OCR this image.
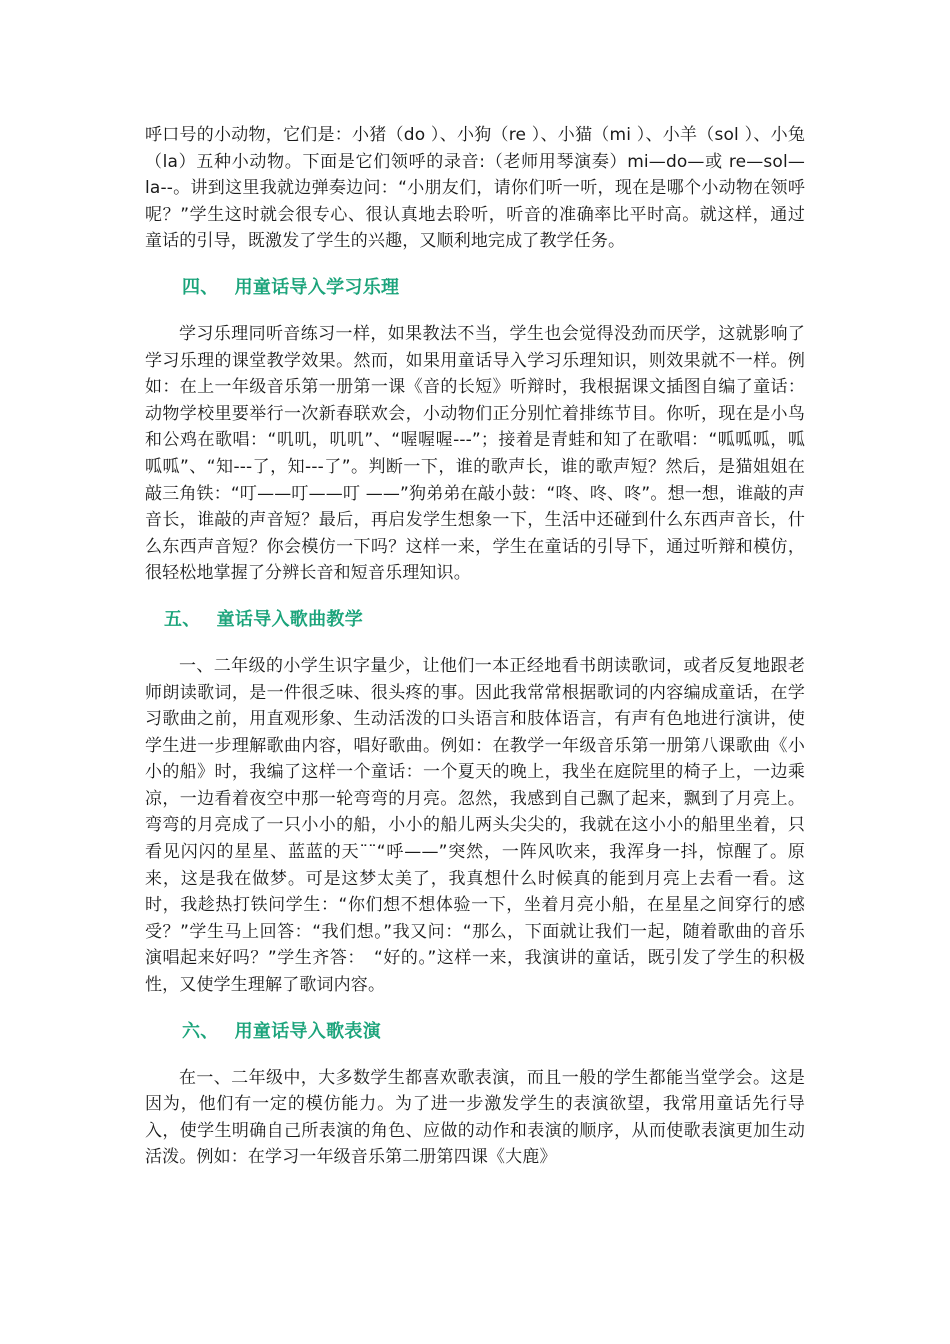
呼口号的小动物，它们是：小猪（do ）、小狗（re ）、小猫（mi ）、小羊（sol ）、小兔（la）五种小动物。下面是它们领呼的录音:（老师用琴演奏）mi—do—或 re—sol—la--。讲到这里我就边弹奏边问：“小朋友们，请你们听一听，现在是哪个小动物在领呼呢？”学生这时就会很专心、很认真地去聆听，听音的准确率比平时高。就这样，通过童话的引导，既激发了学生的兴趣，又顺利地完成了教学任务。

四、 用童话导入学习乐理

学习乐理同听音练习一样，如果教法不当，学生也会觉得没劲而厌学，这就影响了学习乐理的课堂教学效果。然而，如果用童话导入学习乐理知识，则效果就不一样。例如：在上一年级音乐第一册第一课《音的长短》听辩时，我根据课文插图自编了童话：动物学校里要举行一次新春联欢会，小动物们正分别忙着排练节目。你听，现在是小鸟和公鸡在歌唱：“叽叽，叽叽”、“喔喔喔---”；接着是青蛙和知了在歌唱：“呱呱呱，呱呱呱”、“知---了，知---了”。判断一下，谁的歌声长，谁的歌声短？然后，是猫姐姐在敲三角铁：“叮——叮——叮 ——”狗弟弟在敲小鼓：“咚、咚、咚”。想一想，谁敲的声音长，谁敲的声音短？最后，再启发学生想象一下，生活中还碰到什么东西声音长，什么东西声音短？你会模仿一下吗？这样一来，学生在童话的引导下，通过听辩和模仿，很轻松地掌握了分辨长音和短音乐理知识。

五、 童话导入歌曲教学

一、二年级的小学生识字量少，让他们一本正经地看书朗读歌词，或者反复地跟老师朗读歌词，是一件很乏味、很头疼的事。因此我常常根据歌词的内容编成童话，在学习歌曲之前，用直观形象、生动活泼的口头语言和肢体语言，有声有色地进行演讲，使学生进一步理解歌曲内容，唱好歌曲。例如：在教学一年级音乐第一册第八课歌曲《小小的船》时，我编了这样一个童话：一个夏天的晚上，我坐在庭院里的椅子上，一边乘凉，一边看着夜空中那一轮弯弯的月亮。忽然，我感到自己飘了起来，飘到了月亮上。弯弯的月亮成了一只小小的船，小小的船儿两头尖尖的，我就在这小小的船里坐着，只看见闪闪的星星、蓝蓝的天¨¨“呼——”突然，一阵风吹来，我浑身一抖，惊醒了。原来，这是我在做梦。可是这梦太美了，我真想什么时候真的能到月亮上去看一看。这时，我趁热打铁问学生：“你们想不想体验一下，坐着月亮小船，在星星之间穿行的感受？”学生马上回答：“我们想。”我又问：“那么，下面就让我们一起，随着歌曲的音乐演唱起来好吗？”学生齐答：　“好的。”这样一来，我演讲的童话，既引发了学生的积极性，又使学生理解了歌词内容。

六、 用童话导入歌表演

在一、二年级中，大多数学生都喜欢歌表演，而且一般的学生都能当堂学会。这是因为，他们有一定的模仿能力。为了进一步激发学生的表演欲望，我常用童话先行导入，使学生明确自己所表演的角色、应做的动作和表演的顺序，从而使歌表演更加生动活泼。例如：在学习一年级音乐第二册第四课《大鹿》
